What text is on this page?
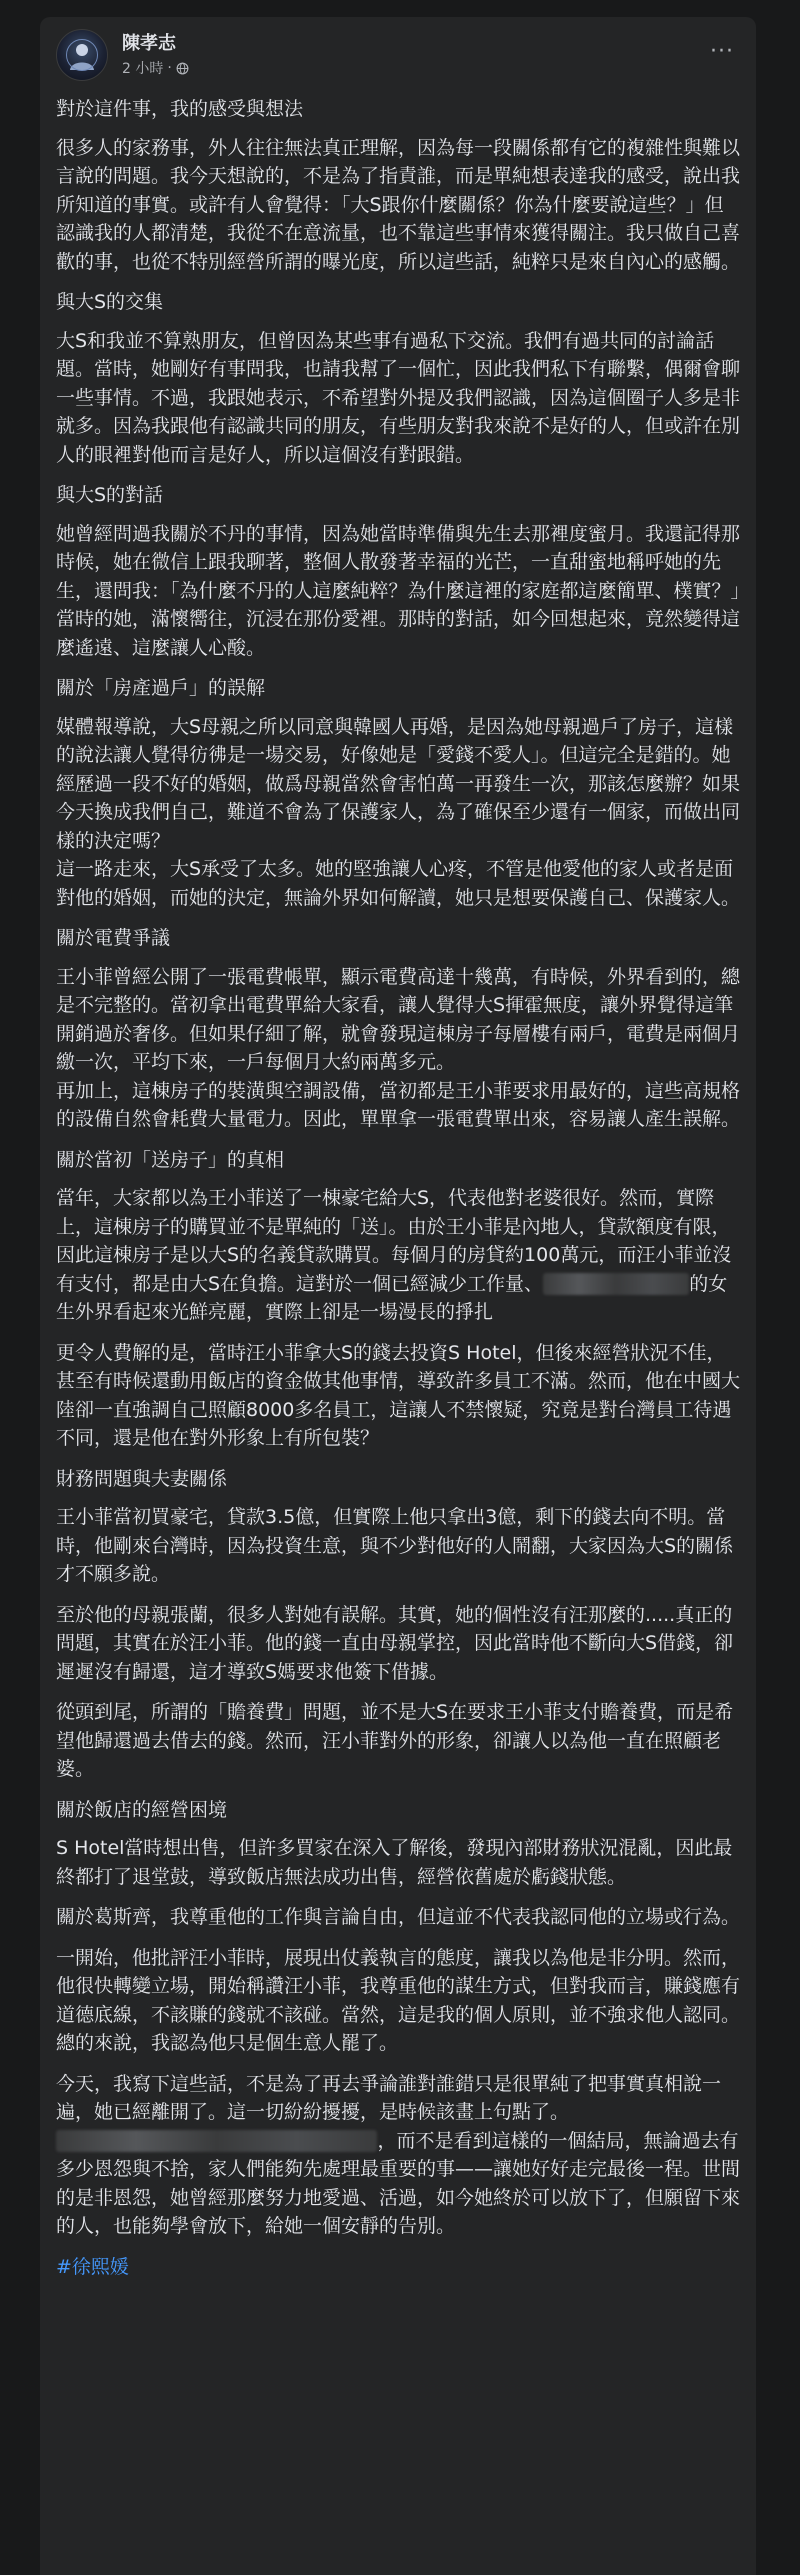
陳孝志
2 小時 ·
···

對於這件事，我的感受與想法

很多人的家務事，外人往往無法真正理解，因為每一段關係都有它的複雜性與難以言說的問題。我今天想說的，不是為了指責誰，而是單純想表達我的感受，說出我所知道的事實。或許有人會覺得：「大S跟你什麼關係？你為什麼要說這些？」但認識我的人都清楚，我從不在意流量，也不靠這些事情來獲得關注。我只做自己喜歡的事，也從不特別經營所謂的曝光度，所以這些話，純粹只是來自內心的感觸。

與大S的交集

大S和我並不算熟朋友，但曾因為某些事有過私下交流。我們有過共同的討論話題。當時，她剛好有事問我，也請我幫了一個忙，因此我們私下有聯繫，偶爾會聊一些事情。不過，我跟她表示，不希望對外提及我們認識，因為這個圈子人多是非就多。因為我跟他有認識共同的朋友，有些朋友對我來說不是好的人，但或許在別人的眼裡對他而言是好人，所以這個沒有對跟錯。

與大S的對話

她曾經問過我關於不丹的事情，因為她當時準備與先生去那裡度蜜月。我還記得那時候，她在微信上跟我聊著，整個人散發著幸福的光芒，一直甜蜜地稱呼她的先生，還問我：「為什麼不丹的人這麼純粹？為什麼這裡的家庭都這麼簡單、樸實？」當時的她，滿懷嚮往，沉浸在那份愛裡。那時的對話，如今回想起來，竟然變得這麼遙遠、這麼讓人心酸。

關於「房產過戶」的誤解

媒體報導說，大S母親之所以同意與韓國人再婚，是因為她母親過戶了房子，這樣的說法讓人覺得彷彿是一場交易，好像她是「愛錢不愛人」。但這完全是錯的。她經歷過一段不好的婚姻，做爲母親當然會害怕萬一再發生一次，那該怎麼辦？如果今天換成我們自己，難道不會為了保護家人，為了確保至少還有一個家，而做出同樣的決定嗎？
這一路走來，大S承受了太多。她的堅強讓人心疼，不管是他愛他的家人或者是面對他的婚姻，而她的決定，無論外界如何解讀，她只是想要保護自己、保護家人。

關於電費爭議

王小菲曾經公開了一張電費帳單，顯示電費高達十幾萬，有時候，外界看到的，總是不完整的。當初拿出電費單給大家看，讓人覺得大S揮霍無度，讓外界覺得這筆開銷過於奢侈。但如果仔細了解，就會發現這棟房子每層樓有兩戶，電費是兩個月繳一次，平均下來，一戶每個月大約兩萬多元。
再加上，這棟房子的裝潢與空調設備，當初都是王小菲要求用最好的，這些高規格的設備自然會耗費大量電力。因此，單單拿一張電費單出來，容易讓人產生誤解。

關於當初「送房子」的真相

當年，大家都以為王小菲送了一棟豪宅給大S，代表他對老婆很好。然而，實際上，這棟房子的購買並不是單純的「送」。由於王小菲是內地人，貸款額度有限，因此這棟房子是以大S的名義貸款購買。每個月的房貸約100萬元，而汪小菲並沒有支付，都是由大S在負擔。這對於一個已經減少工作量、	的女生外界看起來光鮮亮麗，實際上卻是一場漫長的掙扎

更令人費解的是，當時汪小菲拿大S的錢去投資S Hotel，但後來經營狀況不佳，甚至有時候還動用飯店的資金做其他事情，導致許多員工不滿。然而，他在中國大陸卻一直強調自己照顧8000多名員工，這讓人不禁懷疑，究竟是對台灣員工待遇不同，還是他在對外形象上有所包裝？

財務問題與夫妻關係

王小菲當初買豪宅，貸款3.5億，但實際上他只拿出3億，剩下的錢去向不明。當時，他剛來台灣時，因為投資生意，與不少對他好的人鬧翻，大家因為大S的關係才不願多說。

至於他的母親張蘭，很多人對她有誤解。其實，她的個性沒有汪那麼的.....真正的問題，其實在於汪小菲。他的錢一直由母親掌控，因此當時他不斷向大S借錢，卻遲遲沒有歸還，這才導致S媽要求他簽下借據。

從頭到尾，所謂的「贍養費」問題，並不是大S在要求王小菲支付贍養費，而是希望他歸還過去借去的錢。然而，汪小菲對外的形象，卻讓人以為他一直在照顧老婆。

關於飯店的經營困境

S Hotel當時想出售，但許多買家在深入了解後，發現內部財務狀況混亂，因此最終都打了退堂鼓，導致飯店無法成功出售，經營依舊處於虧錢狀態。

關於葛斯齊，我尊重他的工作與言論自由，但這並不代表我認同他的立場或行為。

一開始，他批評汪小菲時，展現出仗義執言的態度，讓我以為他是非分明。然而，他很快轉變立場，開始稱讚汪小菲，我尊重他的謀生方式，但對我而言，賺錢應有道德底線，不該賺的錢就不該碰。當然，這是我的個人原則，並不強求他人認同。總的來說，我認為他只是個生意人罷了。

今天，我寫下這些話，不是為了再去爭論誰對誰錯只是很單純了把事實真相說一遍，她已經離開了。這一切紛紛擾擾，是時候該畫上句點了。
，而不是看到這樣的一個結局，無論過去有多少恩怨與不捨，家人們能夠先處理最重要的事——讓她好好走完最後一程。世間的是非恩怨，她曾經那麼努力地愛過、活過，如今她終於可以放下了，但願留下來的人，也能夠學會放下，給她一個安靜的告別。

#徐熙媛
